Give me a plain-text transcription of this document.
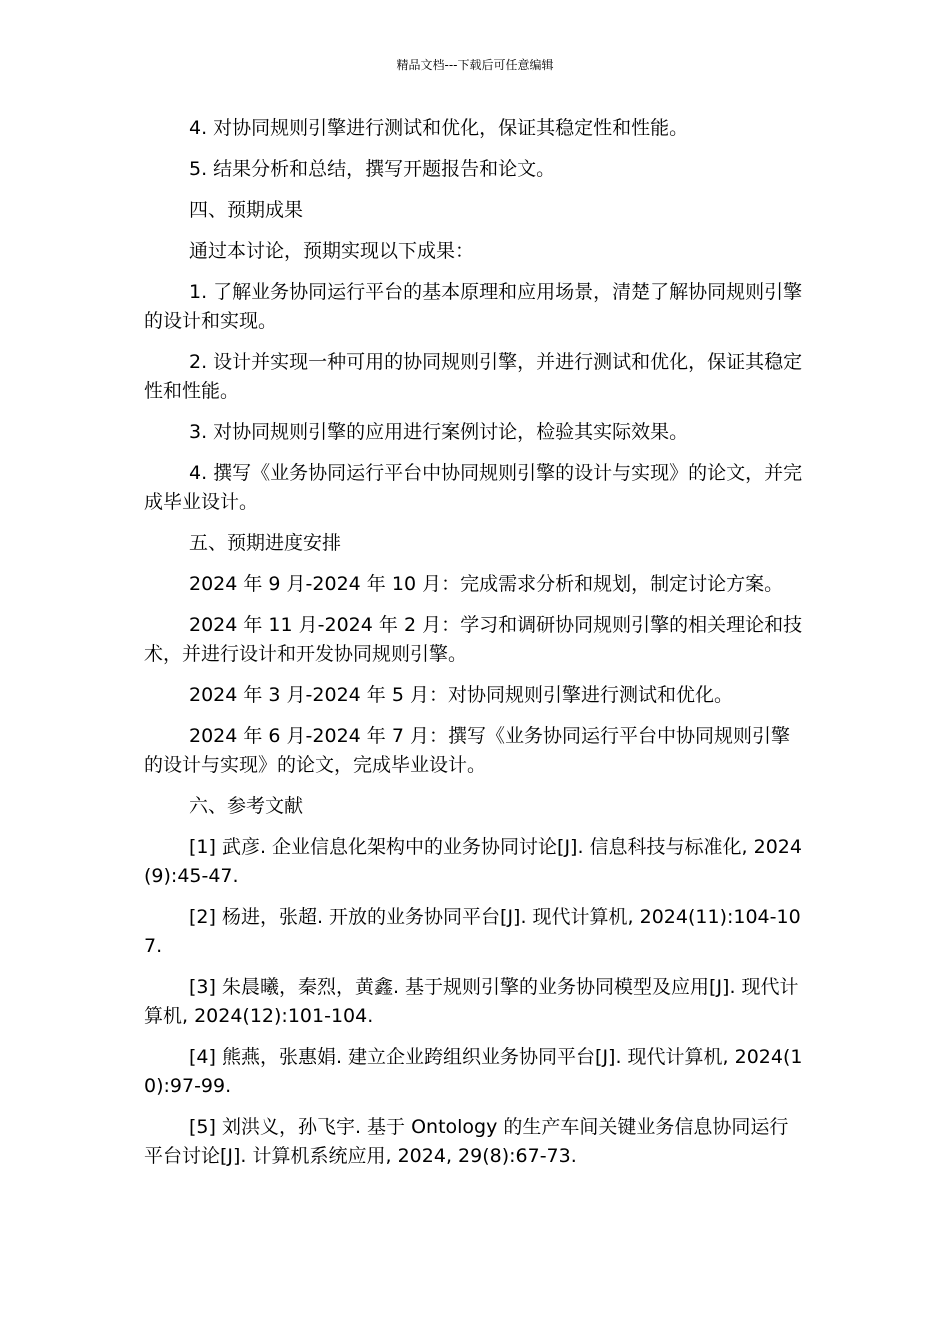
精品文档---下载后可任意编辑

4. 对协同规则引擎进行测试和优化，保证其稳定性和性能。

5. 结果分析和总结，撰写开题报告和论文。

四、预期成果

通过本讨论，预期实现以下成果：

1. 了解业务协同运行平台的基本原理和应用场景，清楚了解协同规则引擎的设计和实现。

2. 设计并实现一种可用的协同规则引擎，并进行测试和优化，保证其稳定性和性能。

3. 对协同规则引擎的应用进行案例讨论，检验其实际效果。

4. 撰写《业务协同运行平台中协同规则引擎的设计与实现》的论文，并完成毕业设计。

五、预期进度安排

2024 年 9 月-2024 年 10 月：完成需求分析和规划，制定讨论方案。

2024 年 11 月-2024 年 2 月：学习和调研协同规则引擎的相关理论和技术，并进行设计和开发协同规则引擎。

2024 年 3 月-2024 年 5 月：对协同规则引擎进行测试和优化。

2024 年 6 月-2024 年 7 月：撰写《业务协同运行平台中协同规则引擎的设计与实现》的论文，完成毕业设计。

六、参考文献

[1] 武彦. 企业信息化架构中的业务协同讨论[J]. 信息科技与标准化, 2024(9):45-47.

[2] 杨进，张超. 开放的业务协同平台[J]. 现代计算机, 2024(11):104-107.

[3] 朱晨曦，秦烈，黄鑫. 基于规则引擎的业务协同模型及应用[J]. 现代计算机, 2024(12):101-104.

[4] 熊燕，张惠娟. 建立企业跨组织业务协同平台[J]. 现代计算机, 2024(10):97-99.

[5] 刘洪义，孙飞宇. 基于 Ontology 的生产车间关键业务信息协同运行平台讨论[J]. 计算机系统应用, 2024, 29(8):67-73.
